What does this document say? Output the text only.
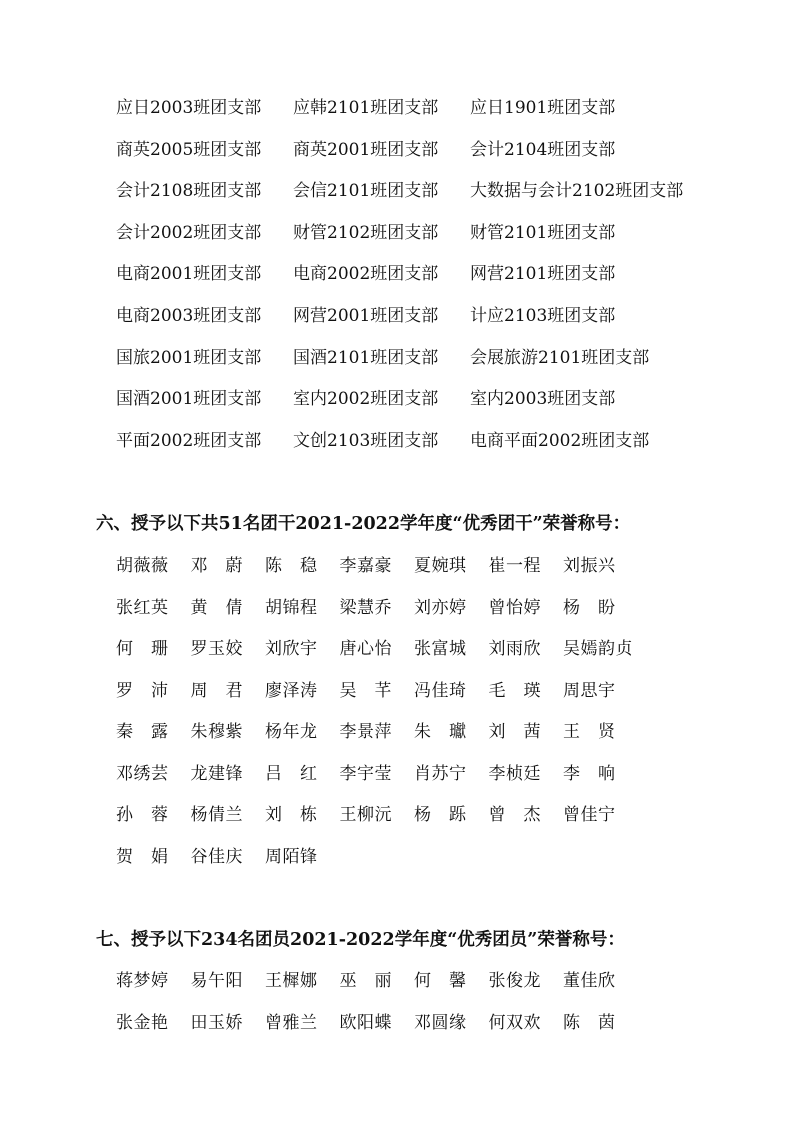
应日2003班团支部	应韩2101班团支部	应日1901班团支部
商英2005班团支部	商英2001班团支部	会计2104班团支部
会计2108班团支部	会信2101班团支部	大数据与会计2102班团支部
会计2002班团支部	财管2102班团支部	财管2101班团支部
电商2001班团支部	电商2002班团支部	网营2101班团支部
电商2003班团支部	网营2001班团支部	计应2103班团支部
国旅2001班团支部	国酒2101班团支部	会展旅游2101班团支部
国酒2001班团支部	室内2002班团支部	室内2003班团支部
平面2002班团支部	文创2103班团支部	电商平面2002班团支部
六、授予以下共51名团干2021-2022学年度“优秀团干”荣誉称号：
胡薇薇	邓　蔚	陈　稳	李嘉豪	夏婉琪	崔一程	刘振兴
张红英	黄　倩	胡锦程	梁慧乔	刘亦婷	曾怡婷	杨　盼
何　珊	罗玉姣	刘欣宇	唐心怡	张富城	刘雨欣	吴嫣韵贞
罗　沛	周　君	廖泽涛	吴　芊	冯佳琦	毛　瑛	周思宇
秦　露	朱穆紫	杨年龙	李景萍	朱　瓛	刘　茜	王　贤
邓绣芸	龙建锋	吕　红	李宇莹	肖苏宁	李桢廷	李　响
孙　蓉	杨倩兰	刘　栋	王柳沅	杨　跞	曾　杰	曾佳宁
贺　娟	谷佳庆	周陌锋
七、授予以下234名团员2021-2022学年度“优秀团员”荣誉称号：
蒋梦婷	易午阳	王樨娜	巫　丽	何　馨	张俊龙	董佳欣
张金艳	田玉娇	曾雅兰	欧阳蝶	邓圆缘	何双欢	陈　茵
